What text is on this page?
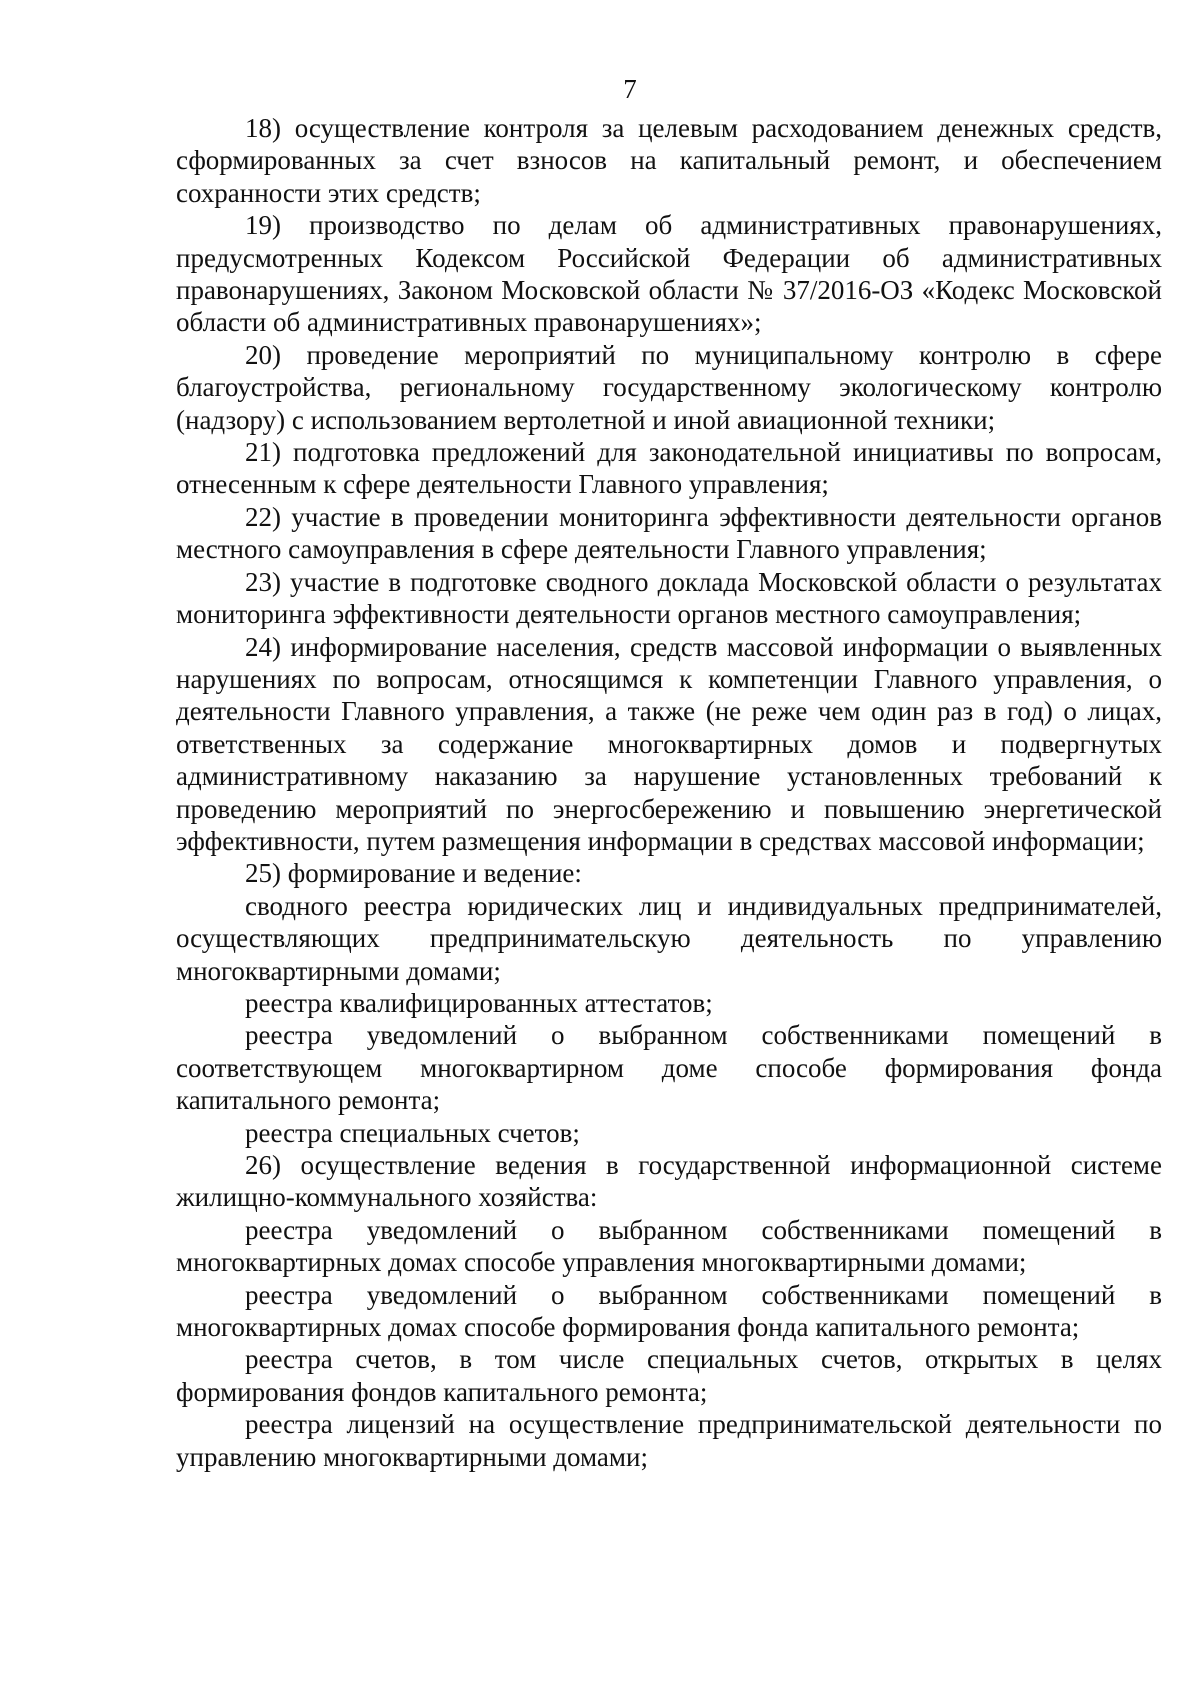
7

18) осуществление контроля за целевым расходованием денежных средств, сформированных за счет взносов на капитальный ремонт, и обеспечением сохранности этих средств;

19) производство по делам об административных правонарушениях, предусмотренных Кодексом Российской Федерации об административных правонарушениях, Законом Московской области № 37/2016-ОЗ «Кодекс Московской области об административных правонарушениях»;

20) проведение мероприятий по муниципальному контролю в сфере благоустройства, региональному государственному экологическому контролю (надзору) с использованием вертолетной и иной авиационной техники;

21) подготовка предложений для законодательной инициативы по вопросам, отнесенным к сфере деятельности Главного управления;

22) участие в проведении мониторинга эффективности деятельности органов местного самоуправления в сфере деятельности Главного управления;

23) участие в подготовке сводного доклада Московской области о результатах мониторинга эффективности деятельности органов местного самоуправления;

24) информирование населения, средств массовой информации о выявленных нарушениях по вопросам, относящимся к компетенции Главного управления, о деятельности Главного управления, а также (не реже чем один раз в год) о лицах, ответственных за содержание многоквартирных домов и подвергнутых административному наказанию за нарушение установленных требований к проведению мероприятий по энергосбережению и повышению энергетической эффективности, путем размещения информации в средствах массовой информации;

25) формирование и ведение:

сводного реестра юридических лиц и индивидуальных предпринимателей, осуществляющих предпринимательскую деятельность по управлению многоквартирными домами;

реестра квалифицированных аттестатов;

реестра уведомлений о выбранном собственниками помещений в соответствующем многоквартирном доме способе формирования фонда капитального ремонта;

реестра специальных счетов;

26) осуществление ведения в государственной информационной системе жилищно-коммунального хозяйства:

реестра уведомлений о выбранном собственниками помещений в многоквартирных домах способе управления многоквартирными домами;

реестра уведомлений о выбранном собственниками помещений в многоквартирных домах способе формирования фонда капитального ремонта;

реестра счетов, в том числе специальных счетов, открытых в целях формирования фондов капитального ремонта;

реестра лицензий на осуществление предпринимательской деятельности по управлению многоквартирными домами;
